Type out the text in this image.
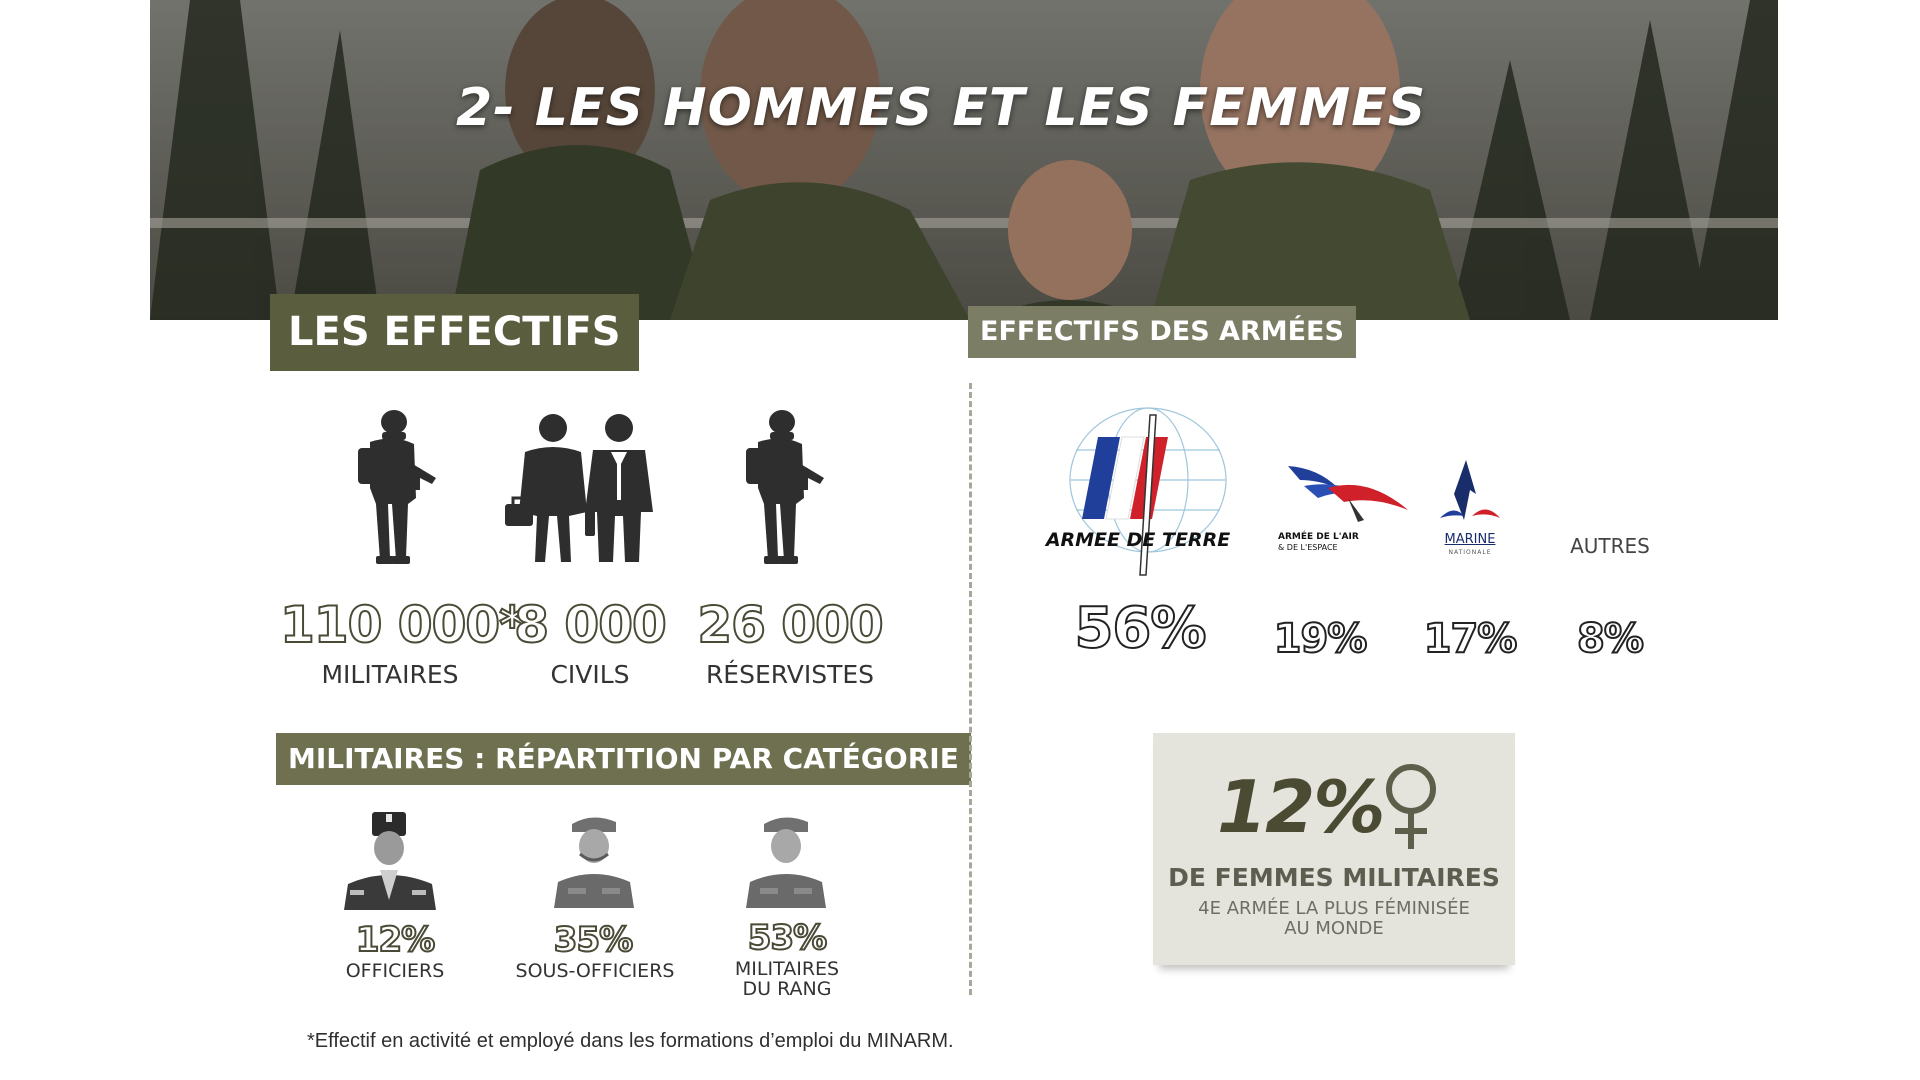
2- LES HOMMES ET LES FEMMES
LES EFFECTIFS
110 000*
MILITAIRES
8 000
CIVILS
26 000
RÉSERVISTES
MILITAIRES : RÉPARTITION PAR CATÉGORIE
12%
OFFICIERS
35%
SOUS-OFFICIERS
53%
MILITAIRES
DU RANG
EFFECTIFS DES ARMÉES
ARMEE DE TERRE	ARMÉE DE L'AIR
& DE L'ESPACE
MARINE
NATIONALE	AUTRES
56%	19%	17%	8%
12%
DE FEMMES MILITAIRES
4E ARMÉE LA PLUS FÉMINISÉE
AU MONDE
*Effectif en activité et employé dans les formations d’emploi du MINARM.
